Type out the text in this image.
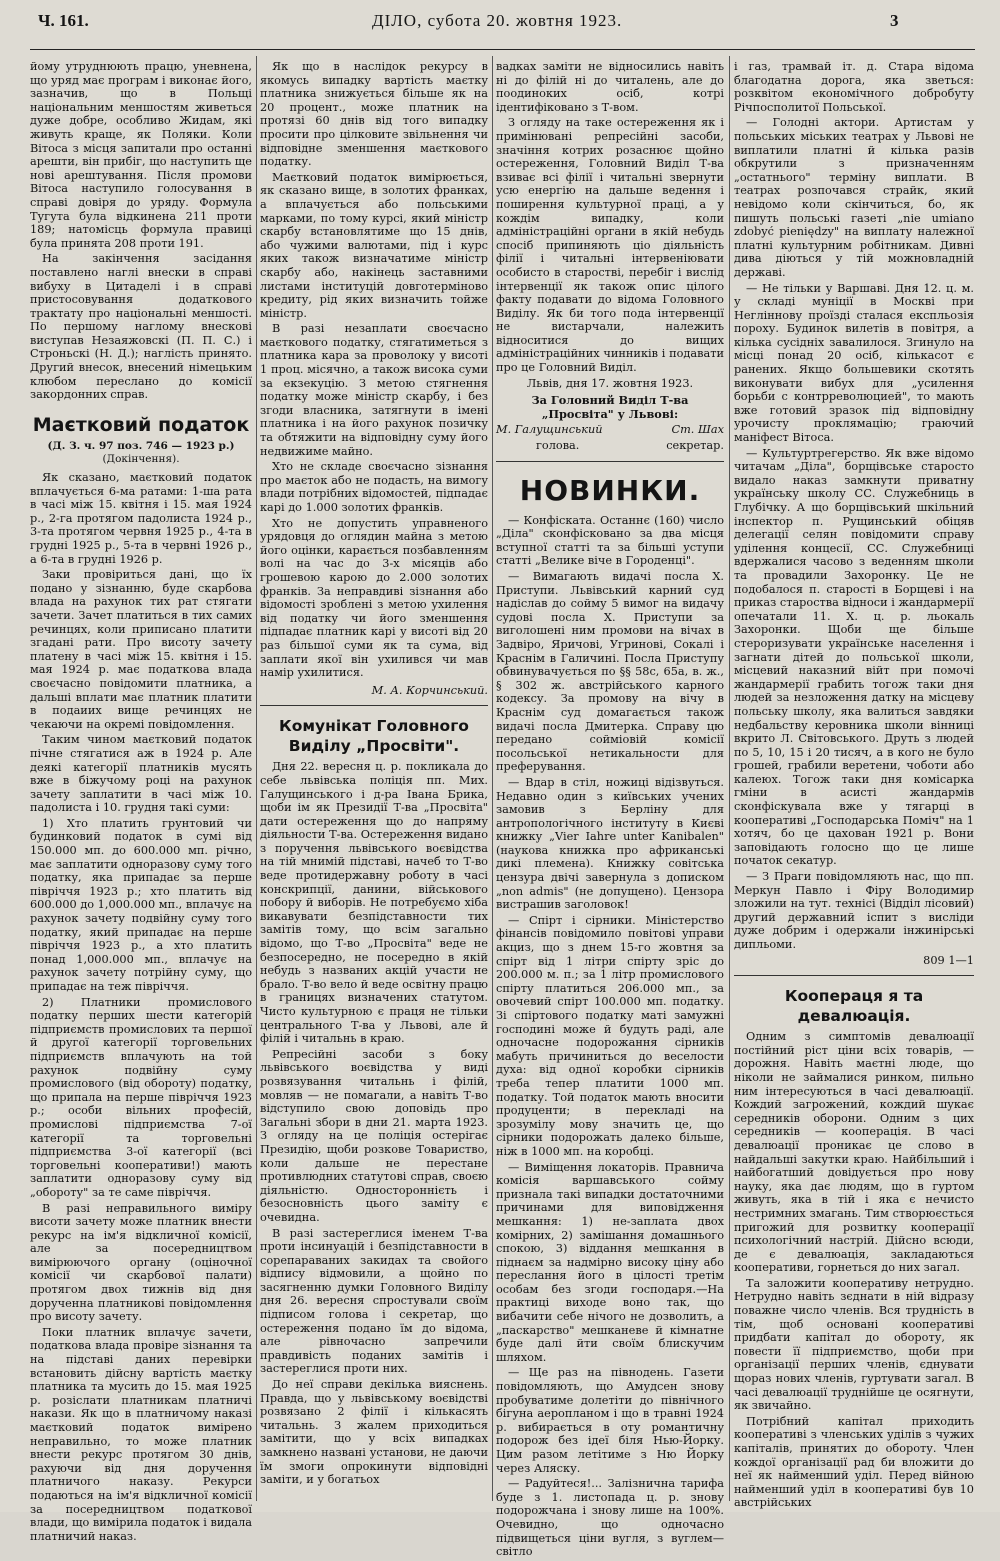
Ч. 161.	ДІЛО, субота 20. жовтня 1923.	3

йому утруднюють працю, уневнена, що уряд має програм і виконає його, зазначив, що в Польщі національним меншостям живеться дуже добре, особливо Жидам, які живуть краще, як Поляки. Коли Вітоса з місця запитали про останні арешти, він прибіг, що наступить ще нові арештування. Після промови Вітоса наступило голосування в справі довіря до уряду. Формула Тугута була відкинена 211 проти 189; натомісць формула правиці була принята 208 проти 191.

На закінчення засідання поставлено наглі внески в справі вибуху в Цитаделі і в справі пристосовування додаткового трактату про національні меншості. По першому наглому внескові виступав Незаяжовскі (П. П. С.) і Строньскі (Н. Д.); наглість принято. Другий внесок, внесений німецьким клюбом переслано до комісії закордонних справ.

Маєтковий податок
(Д. З. ч. 97 поз. 746 — 1923 р.)
(Докінчення).

Як сказано, маєтковий податок вплачується 6-ма ратами: 1-ша рата в часі між 15. квітня і 15. мая 1924 р., 2-га протягом падолиста 1924 р., 3-та протягом червня 1925 р., 4-та в грудні 1925 р., 5-та в червні 1926 р., а 6-та в грудні 1926 р.

Заки провіриться дані, що їх подано у зізнанню, буде скарбова влада на рахунок тих рат стягати зачети. Зачет платиться в тих самих речинцях, коли приписано платити згадані рати. Про висоту зачету платену в часі між 15. квітня і 15. мая 1924 р. має податкова влада своєчасно повідомити платника, а дальші вплати має платник платити в подаиих вище речинцях не чекаючи на окремі повідомлення.

Таким чином маєтковий податок пічне стягатися аж в 1924 р. Але деякі категорії платників мусять вже в біжучому році на рахунок зачету заплатити в часі між 10. падолиста і 10. грудня такі суми:

1) Хто платить грунтовий чи будинковий податок в сумі від 150.000 мп. до 600.000 мп. річно, має заплатити одноразову суму того податку, яка припадає за перше півріччя 1923 р.; хто платить від 600.000 до 1,000.000 мп., вплачує на рахунок зачету подвійну суму того податку, який припадає на перше півріччя 1923 р., а хто платить понад 1,000.000 мп., вплачує на рахунок зачету потрійну суму, що припадає на теж півріччя.

2) Платники промислового податку перших шести категорій підприємств промислових та першої й другої категорії торговельних підприємств вплачують на той рахунок подвійну суму промислового (від обороту) податку, що припала на перше півріччя 1923 р.; особи вільних професій, промислові підприємства 7-ої категорії та торговельні підприємства 3-ої категорії (всі торговельні кооперативи!) мають заплатити одноразову суму від „обороту" за те саме півріччя.

В разі неправильного виміру висоти зачету може платник внести рекурс на ім'я відкличної комісії, але за посередництвом вимірюючого органу (оціночної комісії чи скарбової палати) протягом двох тижнів від дня дорученна платникові повідомлення про висоту зачету.

Поки платник вплачує зачети, податкова влада провіре зізнання та на підставі даних перевірки встановить дійсну вартість маєтку платника та мусить до 15. мая 1925 р. розіслати платникам платничі накази. Як що в платничому наказі маєтковий податок вимірено неправильно, то може платник внести рекурс протягом 30 днів, рахуючи від дня доручення платничого наказу. Рекурси подаються на ім'я відкличної комісії за посередництвом податкової влади, що вимірила податок і видала платничий наказ.

Як що в наслідок рекурсу в якомусь випадку вартість маєтку платника знижується більше як на 20 процент., може платник на протязі 60 днів від того випадку просити про цілковите звільнення чи відповідне зменшення маєткового податку.

Маєтковий податок вимірюється, як сказано вище, в золотих франках, а вплачується або польськими марками, по тому курсі, який міністр скарбу встановлятиме що 15 днів, або чужими валютами, під і курс яких також визначатиме міністр скарбу або, накінець заставними листами інституцій довготерміново кредиту, рід яких визначить тойже міністр.

В разі незаплати своєчасно маєткового податку, стягатиметься з платника кара за проволоку у висоті 1 проц. місячно, а також висока суми за екзекуцію. З метою стягнення податку може міністр скарбу, і без згоди власника, затягнути в імені платника і на його рахунок позичку та обтяжити на відповідну суму його недвижиме майно.

Хто не складе своєчасно зізнання про маєток або не подасть, на вимогу влади потрібних відомостей, підпадає карі до 1.000 золотих франків.

Хто не допустить управненого урядовця до оглядин майна з метою його оцінки, карається позбавленням волі на час до 3-х місяців або грошевою карою до 2.000 золотих франків. За неправдиві зізнання або відомості зроблені з метою ухилення від податку чи його зменшення підпадає платник карі у висоті від 20 раз більшої суми як та сума, від заплати якої він ухилився чи мав намір ухилитися.

М. А. Корчинський.
Комунікат Головного Виділу „Просвіти".

Дня 22. вересня ц. р. покликала до себе львівська поліція пп. Мих. Галущинського і д-ра Івана Брика, щоби ім як Президії Т-ва „Просвіта" дати остереження що до напряму діяльности Т-ва. Остереження видано з поручення львівського воєвідства на тій мнимій підставі, начеб то Т-во веде протидержавну роботу в часі конскрипції, данини, військового побору й виборів. Не потребуємо хіба викавувати безпідставности тих замітів тому, що всім загально відомо, що Т-во „Просвіта" веде не безпосередно, не посередно в якій небудь з названих акцій участи не брало. Т-во вело й веде освітну працю в границях визначених статутом. Чисто культурною є праця не тільки центрального Т-ва у Львові, але й філій і читальнь в краю.

Репресійні засоби з боку львівського воєвідства у виді розвязування читальнь і філій, мовляв — не помагали, а навіть Т-во відступило свою доповідь про Загальні збори в дни 21. марта 1923. З огляду на це поліція остерігає Президію, щоби розкове Товариство, коли дальше не перестане противлюдних статутові справ, своєю діяльністю. Одностороннієть і безосновність цього заміту є очевидна.

В разі застереглися іменем Т-ва проти інсинуацій і безпідставности в сорепараваних закидах та свойого відпису відмовили, а щойно по засягненню думки Головного Виділу дня 26. вересня спростували своїм підписом голова і секретар, що остереження подано їм до відома, але рівночасно запречили правдивість поданих замітів і застереглися проти них.

До неї справи декілька вияснень. Правда, що у львівському воєвідстві розвязано 2 філії і кількасять читальнь. З жалем приходиться замітити, що у всіх випадках замкнено названі установи, не даючи їм змоги опрокинути відповідні заміти, и у богатьох

вадках заміти не відносились навіть ні до філій ні до читалень, але до поодиноких осіб, котрі ідентифіковано з Т-вом.

З огляду на таке остереження як і примінювані репресійні засоби, значіння котрих розаснює щойно остереження, Головний Виділ Т-ва взиває всі філії і читальні звернути усю енергію на дальше ведення і поширення культурної праці, а у кождім випадку, коли адміністраційні органи в якій небудь спосіб припиняють ціо діяльність філії і читальні інтервеніювати особисто в старостві, перебіг і вислід інтервенції як також опис цілого факту подавати до відома Головного Виділу. Як би того пода інтервенції не вистарчали, належить відноситися до вищих адміністраційних чинників і подавати про це Головний Виділ.

Львів, дня 17. жовтня 1923.
За Головний Виділ Т-ва „Просвіта" у Львові:
М. Галущинський	Ст. Шах
голова.	секретар.
НОВИНКИ.

— Конфіската. Останнє (160) число „Діла" сконфісковано за два місця вступної статті та за більші уступи статті „Велике віче в Городенці".

— Вимагають видачі посла Х. Приступи. Львівський карний суд надіслав до сойму 5 вимог на видачу судові посла Х. Приступи за виголошені ним промови на вічах в Задвіро, Яричові, Угринові, Сокалі і Краснім в Галичині. Посла Приступу обвинувачується по §§ 58с, 65а, в. ж., § 302 ж. австрійського карного кодексу. За промову на вічу в Краснім суд домагається також видачі посла Дмитерка. Справу цю передано сойміовій комісії посольської нетикальности для преферування.

— Вдар в стіл, ножиці відізвуться. Недавно один з київських учених замовив з Берліну для антропологічного інституту в Києві книжку „Vier Iahre unter Kanibalen" (наукова книжка про африканські дикі племена). Книжку совітська цензура двічі завернула з дописком „non admis" (не допущено). Цензора вистрашив заголовок!

— Спірт і сірники. Міністерство фінансів повідомило повітові управи акциз, що з днем 15-го жовтня за спірт від 1 літри спірту зріс до 200.000 м. п.; за 1 літр промислового спірту платиться 206.000 мп., за овочевий спірт 100.000 мп. податку. Зі спіртового податку маті замужні господині може й будуть раді, але одночасне подорожання сірників мабуть причиниться до веселости духа: від одної коробки сірників треба тепер платити 1000 мп. податку. Той податок мають вносити продуценти; в перекладі на зрозумілу мову значить це, що сірники подорожать далеко більше, ніж в 1000 мп. на коробці.

— Виміщення локаторів. Правнича комісія варшавського сойму признала такі випадки достаточними причинами для виповідження мешкання: 1) не-заплата двох комірних, 2) замішання домашнього спокою, 3) віддання мешкання в піднаєм за надмірно високу ціну або переслання його в цілості третім особам без згоди господаря.—На практиці виходе воно так, що вибачити себе нічого не дозволить, а „паскарство" мешканеве й кімнатне буде далі йти своїм блискучим шляхом.

— Ще раз на півнодень. Газети повідомляють, що Амудсен знову пробуватиме долетіти до північного бігуна аеропланом і що в травні 1924 р. вибирається в оту романтичну подорож без ідеї біля Нью-Йорку. Цим разом летітиме з Ню Йорку через Аляску.

— Радуйтеся!... Залізнична тарифа буде з 1. листопада ц. р. знову подорожчана і знову лише на 100%. Очевидно, що одночасно підвищеться ціни вугля, з вуглем—світло

і газ, трамвай іт. д. Стара відома благодатна дорога, яка зветься: розквітом економічного добробуту Річпосполитої Польської.

— Голодні актори. Артистам у польських міських театрах у Львові не виплатили платні й кілька разів обкрутили з призначенням „остатнього" терміну виплати. В театрах розпочався страйк, який невідомо коли скінчиться, бо, як пишуть польські газеті „nie umiano zdobyć pieniędzy" на виплату належної платні культурним робітникам. Дивні дива діються у тій можновладній державі.

— Не тільки у Варшаві. Дня 12. ц. м. у складі муніції в Москві при Негліннову проїзді сталася експльозія пороху. Будинок вилетів в повітря, а кілька сусідніх завалилося. Згинуло на місці понад 20 осіб, кількасот є ранених. Якщо большевики скотять виконувати вибух для „усилення борьби с контрреволюцией", то мають вже готовий зразок під відповідну урочисту проклямацію; граючий маніфест Вітоса.

— Культуртрегерство. Як вже відомо читачам „Діла", борщівське старосто видало наказ замкнути приватну українську школу СС. Служебниць в Глубічку. А що борщівський шкільний інспектор п. Рущинський обіцяв делегації селян повідомити справу уділення концесії, СС. Служебниці вдержалися часово з веденням школи та провадили Захоронку. Це не подобалося п. старості в Борщеві і на приказ староства відноси і жандармерії опечатали 11. Х. ц. р. льокаль Захоронки. Щоби ще більше стероризувати українське населення і загнати дітей до польської школи, місцевий наказний війт при помочі жандармерії грабить тогож таки дня людей за незложення датку на місцеву польську школу, яка валиться завдяки недбальству керовника школи вінниці вкрито Л. Світовського. Друть з людей по 5, 10, 15 і 20 тисяч, а в кого не було грошей, грабили веретени, чоботи або калеюх. Тогож таки дня комісарка гміни в асисті жандармів сконфіскувала вже у тягарці в кооперативі „Господарська Поміч" на 1 хотяч, бо це цахован 1921 р. Вони заповідають голосно що це лише початок секатур.

— З Праги повідомляють нас, що пп. Меркун Павло і Фіру Володимир зложили на тут. технісі (Відділ лісовий) другий державний іспит з висліди дуже добрим і одержали інжинірські дипльоми.

809 1—1
Коопераця я та девалюація.

Одним з симптомів девалюації постійний ріст ціни всіх товарів, — дорожня. Навіть маєтні люде, що ніколи не займалися ринком, пильно ним інтересуються в часі девалюації. Кождий загрожений, кождий шукає середників оборони. Одним з цих середників — кооперація. В часі девалюації проникає це слово в найдальші закутки краю. Найбільший і найбогатший довідується про нову науку, яка дає людям, що в гуртом живуть, яка в тій і яка є нечисто нестримних змагань. Тим створюєсться пригожий для розвитку кооперації психологічний настрій. Дійсно всюди, де є девалюація, закладаються кооперативи, горнеться до них загал.

Та заложити кооперативу нетрудно. Нетрудно навіть зєднати в ній відразу поважне число членів. Вся трудність в тім, щоб основані кооперативі придбати капітал до обороту, як повести її підприємство, щоби при організації перших членів, єднувати щораз нових членів, гуртувати загал. В часі девалюації труднійше це осягнути, як звичайно.

Потрібний капітал приходить кооперативі з членських уділів з чужих капіталів, принятих до обороту. Член кождої організації рад би вложити до неї як найменший уділ. Перед війною найменший уділ в кооперативі був 10 австрійських
